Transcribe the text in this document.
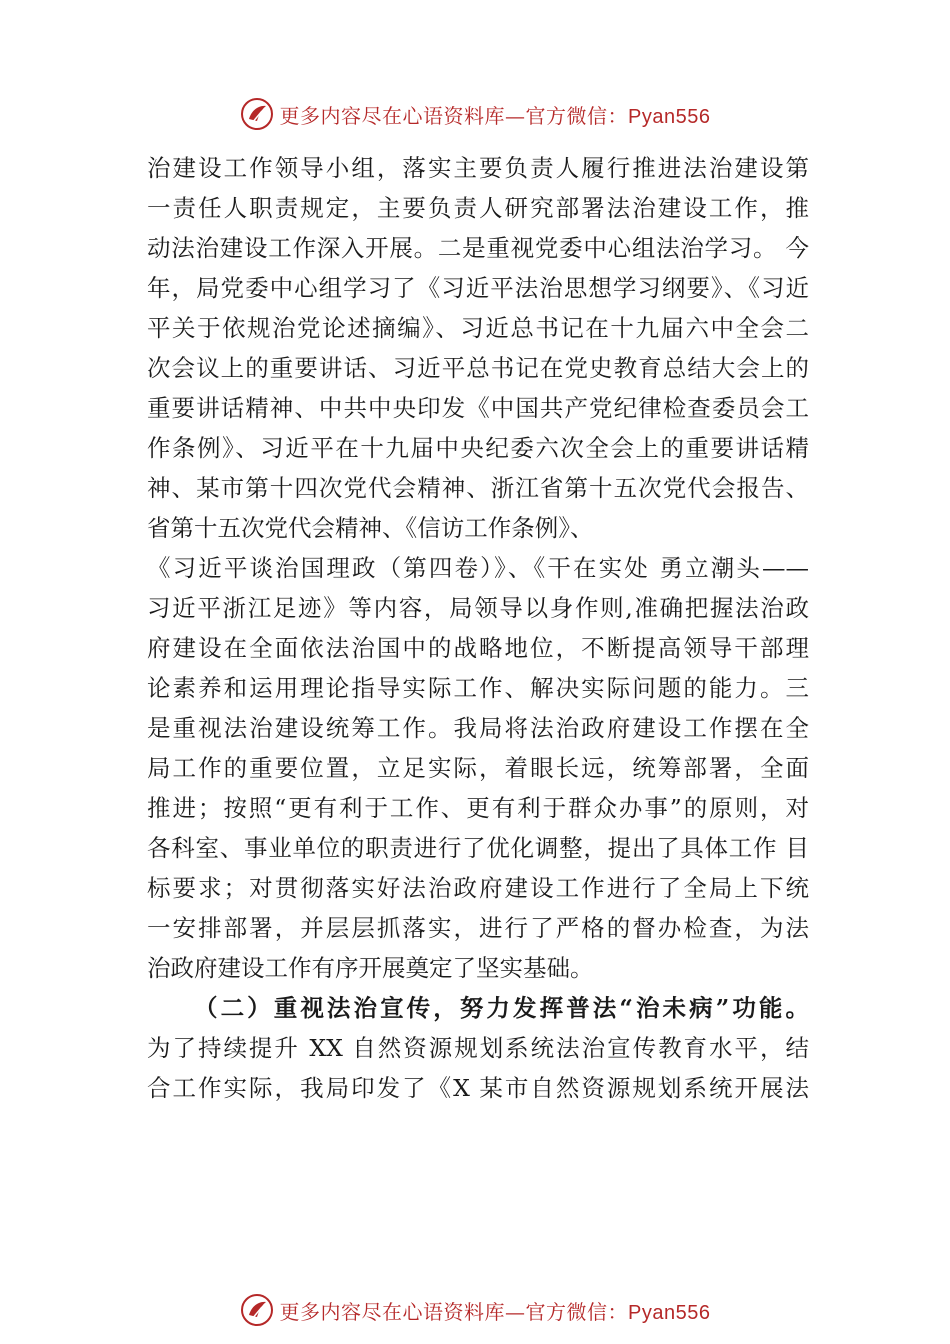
更多内容尽在心语资料库 — 官方微信： Pyan556
治建设工作领导小组，落实主要负责人履行推进法治建设第
一责任人职责规定，主要负责人研究部署法治建设工作，推
动法治建设工作深入开展。二是重视党委中心组法治学习。 今
年，局党委中心组学习了《习近平法治思想学习纲要》、《习近
平关于依规治党论述摘编》、习近总书记在十九届六中全会二
次会议上的重要讲话、习近平总书记在党史教育总结大会上的
重要讲话精神、中共中央印发《中国共产党纪律检查委员会工
作条例》、习近平在十九届中央纪委六次全会上的重要讲话精
神、某市第十四次党代会精神、浙江省第十五次党代会报告、
省第十五次党代会精神、《信访工作条例》、
《习近平谈治国理政（第四卷）》、《干在实处 勇立潮头——
习近平浙江足迹》等内容，局领导以身作则,准确把握法治政
府建设在全面依法治国中的战略地位，不断提高领导干部理
论素养和运用理论指导实际工作、解决实际问题的能力。三
是重视法治建设统筹工作。我局将法治政府建设工作摆在全
局工作的重要位置，立足实际，着眼长远，统筹部署，全面
推进；按照“更有利于工作、更有利于群众办事”的原则，对
各科室、事业单位的职责进行了优化调整，提出了具体工作 目
标要求；对贯彻落实好法治政府建设工作进行了全局上下统
一安排部署，并层层抓落实，进行了严格的督办检查，为法
治政府建设工作有序开展奠定了坚实基础。
（二）重视法治宣传，努力发挥普法“治未病”功能。
为了持续提升 XX 自然资源规划系统法治宣传教育水平，结
合工作实际，我局印发了《X 某市自然资源规划系统开展法
更多内容尽在心语资料库 — 官方微信： Pyan556
